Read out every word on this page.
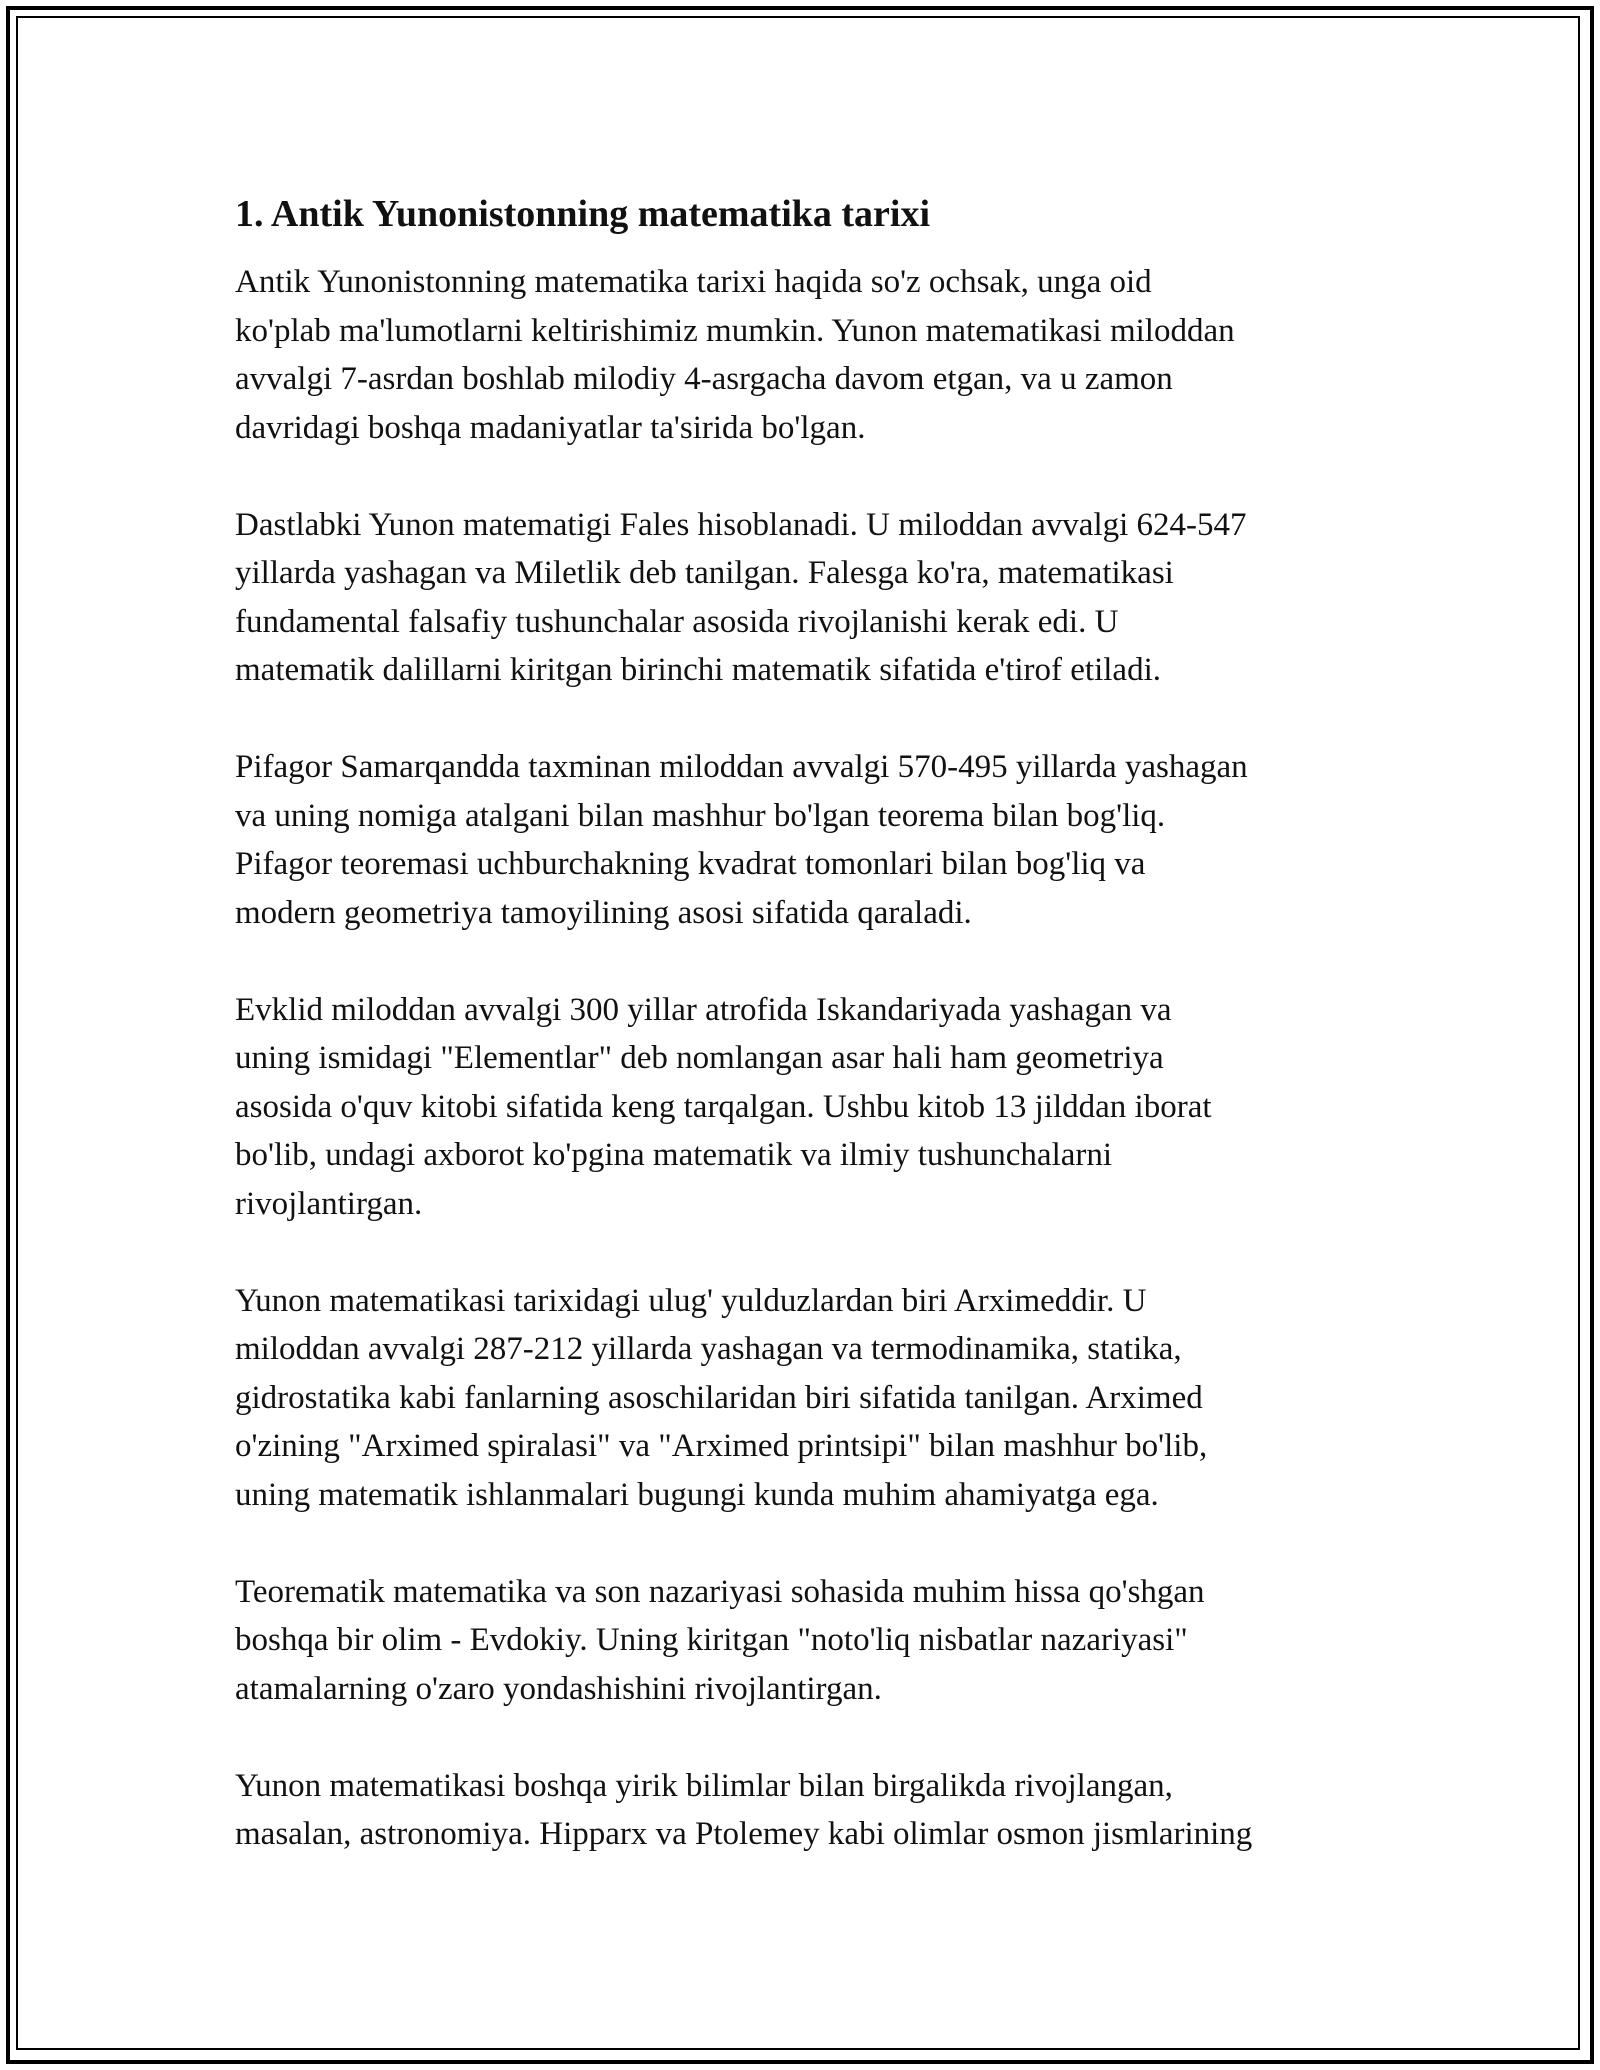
1. Antik Yunonistonning matematika tarixi

Antik Yunonistonning matematika tarixi haqida so'z ochsak, unga oid
ko'plab ma'lumotlarni keltirishimiz mumkin. Yunon matematikasi miloddan
avvalgi 7-asrdan boshlab milodiy 4-asrgacha davom etgan, va u zamon
davridagi boshqa madaniyatlar ta'sirida bo'lgan.

Dastlabki Yunon matematigi Fales hisoblanadi. U miloddan avvalgi 624-547
yillarda yashagan va Miletlik deb tanilgan. Falesga ko'ra, matematikasi
fundamental falsafiy tushunchalar asosida rivojlanishi kerak edi. U
matematik dalillarni kiritgan birinchi matematik sifatida e'tirof etiladi.

Pifagor Samarqandda taxminan miloddan avvalgi 570-495 yillarda yashagan
va uning nomiga atalgani bilan mashhur bo'lgan teorema bilan bog'liq.
Pifagor teoremasi uchburchakning kvadrat tomonlari bilan bog'liq va
modern geometriya tamoyilining asosi sifatida qaraladi.

Evklid miloddan avvalgi 300 yillar atrofida Iskandariyada yashagan va
uning ismidagi "Elementlar" deb nomlangan asar hali ham geometriya
asosida o'quv kitobi sifatida keng tarqalgan. Ushbu kitob 13 jilddan iborat
bo'lib, undagi axborot ko'pgina matematik va ilmiy tushunchalarni
rivojlantirgan.

Yunon matematikasi tarixidagi ulug' yulduzlardan biri Arximeddir. U
miloddan avvalgi 287-212 yillarda yashagan va termodinamika, statika,
gidrostatika kabi fanlarning asoschilaridan biri sifatida tanilgan. Arximed
o'zining "Arximed spiralasi" va "Arximed printsipi" bilan mashhur bo'lib,
uning matematik ishlanmalari bugungi kunda muhim ahamiyatga ega.

Teorematik matematika va son nazariyasi sohasida muhim hissa qo'shgan
boshqa bir olim - Evdokiy. Uning kiritgan "noto'liq nisbatlar nazariyasi"
atamalarning o'zaro yondashishini rivojlantirgan.

Yunon matematikasi boshqa yirik bilimlar bilan birgalikda rivojlangan,
masalan, astronomiya. Hipparx va Ptolemey kabi olimlar osmon jismlarining
